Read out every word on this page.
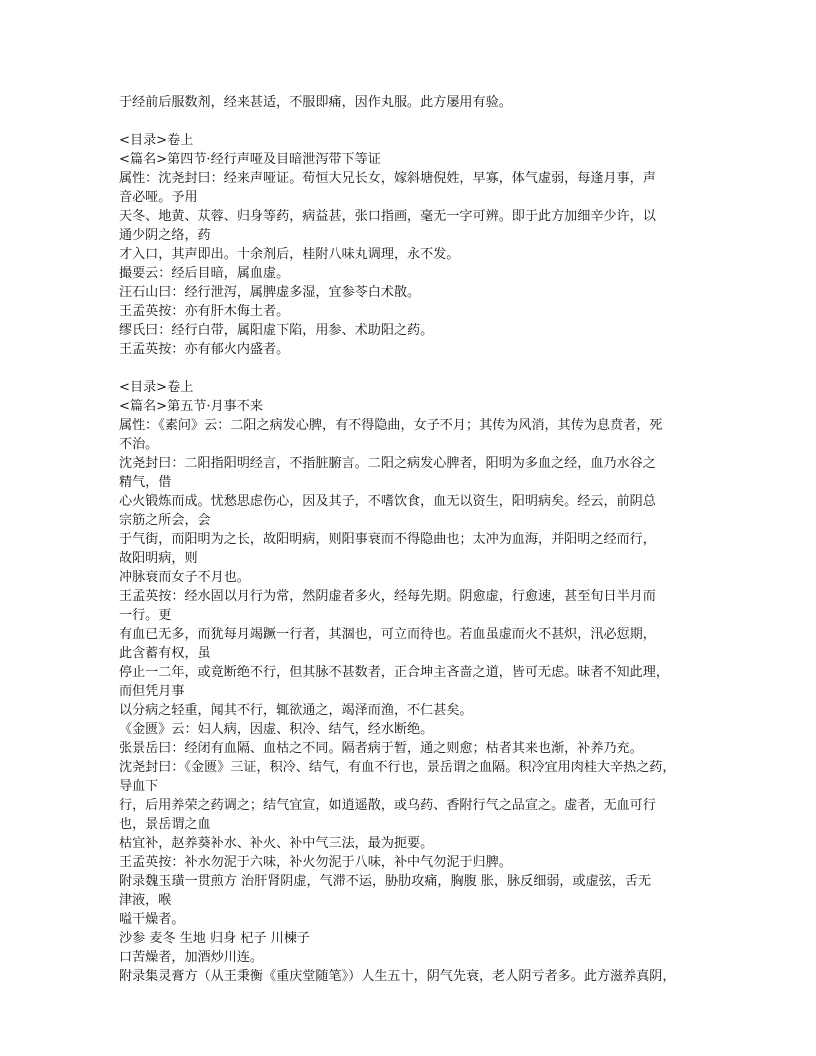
于经前后服数剂，经来甚适，不服即痛，因作丸服。此方屡用有验。
<目录>卷上
<篇名>第四节·经行声哑及目暗泄泻带下等证
属性：沈尧封曰：经来声哑证。荀恒大兄长女，嫁斜塘倪姓，早寡，体气虚弱，每逢月事，声
音必哑。予用
天冬、地黄、苁蓉、归身等药，病益甚，张口指画，毫无一字可辨。即于此方加细辛少许，以
通少阴之络，药
才入口，其声即出。十余剂后，桂附八味丸调理，永不发。
撮要云：经后目暗，属血虚。
汪石山曰：经行泄泻，属脾虚多湿，宜参苓白术散。
王孟英按：亦有肝木侮土者。
缪氏曰：经行白带，属阳虚下陷，用参、术助阳之药。
王孟英按：亦有郁火内盛者。
<目录>卷上
<篇名>第五节·月事不来
属性：《素问》云：二阳之病发心脾，有不得隐曲，女子不月；其传为风消，其传为息贲者，死
不治。
沈尧封曰：二阳指阳明经言，不指脏腑言。二阳之病发心脾者，阳明为多血之经，血乃水谷之
精气，借
心火锻炼而成。忧愁思虑伤心，因及其子，不嗜饮食，血无以资生，阳明病矣。经云，前阴总
宗筋之所会，会
于气街，而阳明为之长，故阳明病，则阳事衰而不得隐曲也；太冲为血海，并阳明之经而行，
故阳明病，则
冲脉衰而女子不月也。
王孟英按：经水固以月行为常，然阴虚者多火，经每先期。阴愈虚，行愈速，甚至旬日半月而
一行。更
有血已无多，而犹每月竭蹶一行者，其涸也，可立而待也。若血虽虚而火不甚炽，汛必愆期，
此含蓄有权，虽
停止一二年，或竟断绝不行，但其脉不甚数者，正合坤主吝啬之道，皆可无虑。昧者不知此理，
而但凭月事
以分病之轻重，闻其不行，辄欲通之，竭泽而渔，不仁甚矣。
《金匮》云：妇人病，因虚、积冷、结气，经水断绝。
张景岳曰：经闭有血隔、血枯之不同。隔者病于暂，通之则愈；枯者其来也渐，补养乃充。
沈尧封曰：《金匮》三证，积冷、结气，有血不行也，景岳谓之血隔。积冷宜用肉桂大辛热之药，
导血下
行，后用养荣之药调之；结气宜宣，如逍遥散，或乌药、香附行气之品宣之。虚者，无血可行
也，景岳谓之血
枯宜补，赵养葵补水、补火、补中气三法，最为扼要。
王孟英按：补水勿泥于六味，补火勿泥于八味，补中气勿泥于归脾。
附录魏玉璜一贯煎方 治肝肾阴虚，气滞不运，胁肋攻痛，胸腹 胀，脉反细弱，或虚弦，舌无
津液，喉
嗌干燥者。
沙参 麦冬 生地 归身 杞子 川楝子
口苦燥者，加酒炒川连。
附录集灵膏方（从王秉衡《重庆堂随笔》）人生五十，阴气先衰，老人阴亏者多。此方滋养真阴，
